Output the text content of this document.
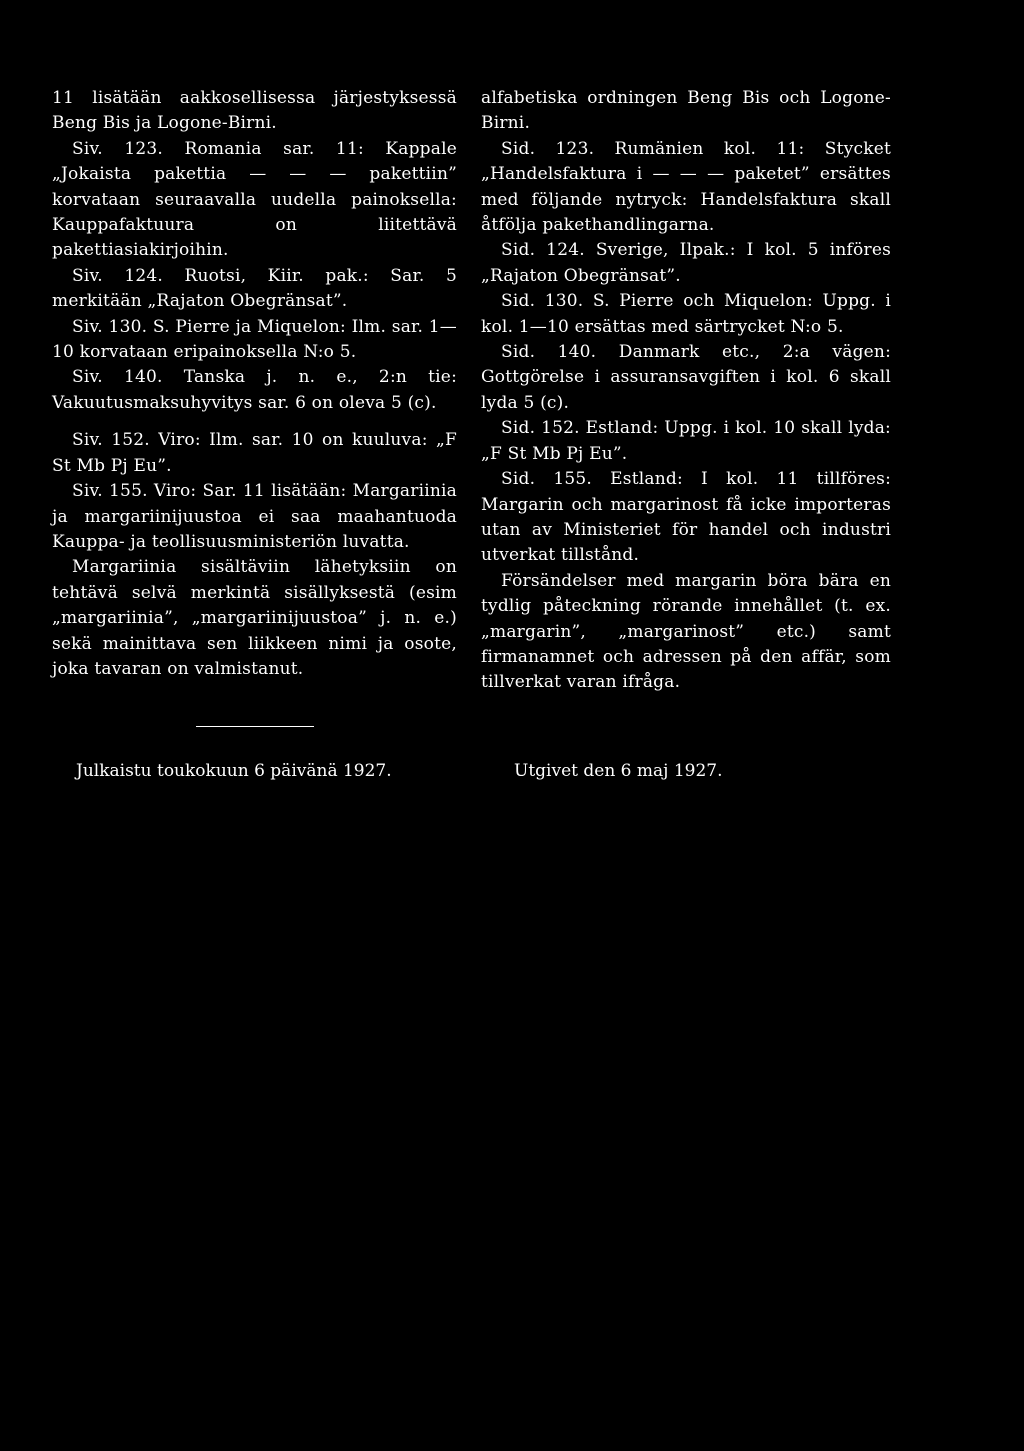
11 lisätään aakkosellisessa järjestyksessä Beng Bis ja Logone-Birni.

Siv. 123. Romania sar. 11: Kappale „Jokaista pakettia — — — pakettiin” korvataan seuraavalla uudella painoksella: Kauppafaktuura on liitettävä pakettiasiakirjoihin.

Siv. 124. Ruotsi, Kiir. pak.: Sar. 5 merkitään „Rajaton Obegränsat”.

Siv. 130. S. Pierre ja Miquelon: Ilm. sar. 1—10 korvataan eripainoksella N:o 5.

Siv. 140. Tanska j. n. e., 2:n tie: Vakuutusmaksuhyvitys sar. 6 on oleva 5 (c).

Siv. 152. Viro: Ilm. sar. 10 on kuuluva: „F St Mb Pj Eu”.

Siv. 155. Viro: Sar. 11 lisätään: Margariinia ja margariinijuustoa ei saa maahantuoda Kauppa- ja teollisuusministeriön luvatta.

Margariinia sisältäviin lähetyksiin on tehtävä selvä merkintä sisällyksestä (esim „margariinia”, „margariinijuustoa” j. n. e.) sekä mainittava sen liikkeen nimi ja osote, joka tavaran on valmistanut.

alfabetiska ordningen Beng Bis och Logone-Birni.

Sid. 123. Rumänien kol. 11: Stycket „Handelsfaktura i — — — paketet” ersättes med följande nytryck: Handelsfaktura skall åtfölja pakethandlingarna.

Sid. 124. Sverige, Ilpak.: I kol. 5 införes „Rajaton Obegränsat”.

Sid. 130. S. Pierre och Miquelon: Uppg. i kol. 1—10 ersättas med särtrycket N:o 5.

Sid. 140. Danmark etc., 2:a vägen: Gottgörelse i assuransavgiften i kol. 6 skall lyda 5 (c).

Sid. 152. Estland: Uppg. i kol. 10 skall lyda: „F St Mb Pj Eu”.

Sid. 155. Estland: I kol. 11 tillföres: Margarin och margarinost få icke importeras utan av Ministeriet för handel och industri utverkat tillstånd.

Försändelser med margarin böra bära en tydlig påteckning rörande innehållet (t. ex. „margarin”, „margarinost” etc.) samt firmanamnet och adressen på den affär, som tillverkat varan ifråga.

Julkaistu toukokuun 6 päivänä 1927.	Utgivet den 6 maj 1927.
